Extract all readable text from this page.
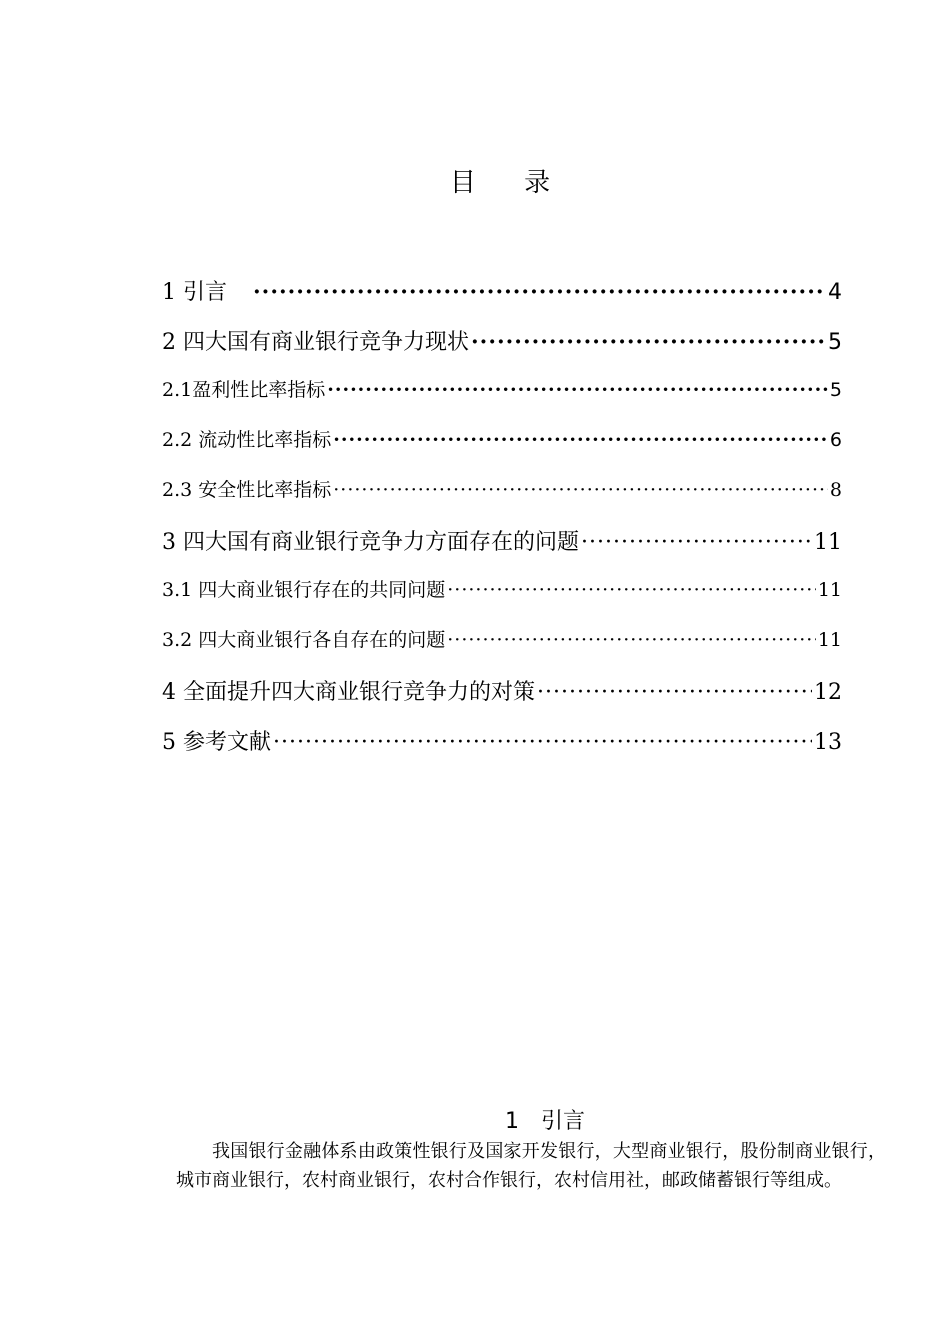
目 录
1 引言 ·····	4
2 四大国有商业银行竞争力现状 ·····	5
2.1盈利性比率指标 ·····	5
2.2 流动性比率指标 ·····	6
2.3 安全性比率指标 ·····	8
3 四大国有商业银行竞争力方面存在的问题 ·····	11
3.1 四大商业银行存在的共同问题 ·····	11
3.2 四大商业银行各自存在的问题 ·····	11
4 全面提升四大商业银行竞争力的对策 ·····	12
5 参考文献 ·····	13
1 引言
我国银行金融体系由政策性银行及国家开发银行，大型商业银行，股份制商业银行，城市商业银行，农村商业银行，农村合作银行，农村信用社，邮政储蓄银行等组成。
